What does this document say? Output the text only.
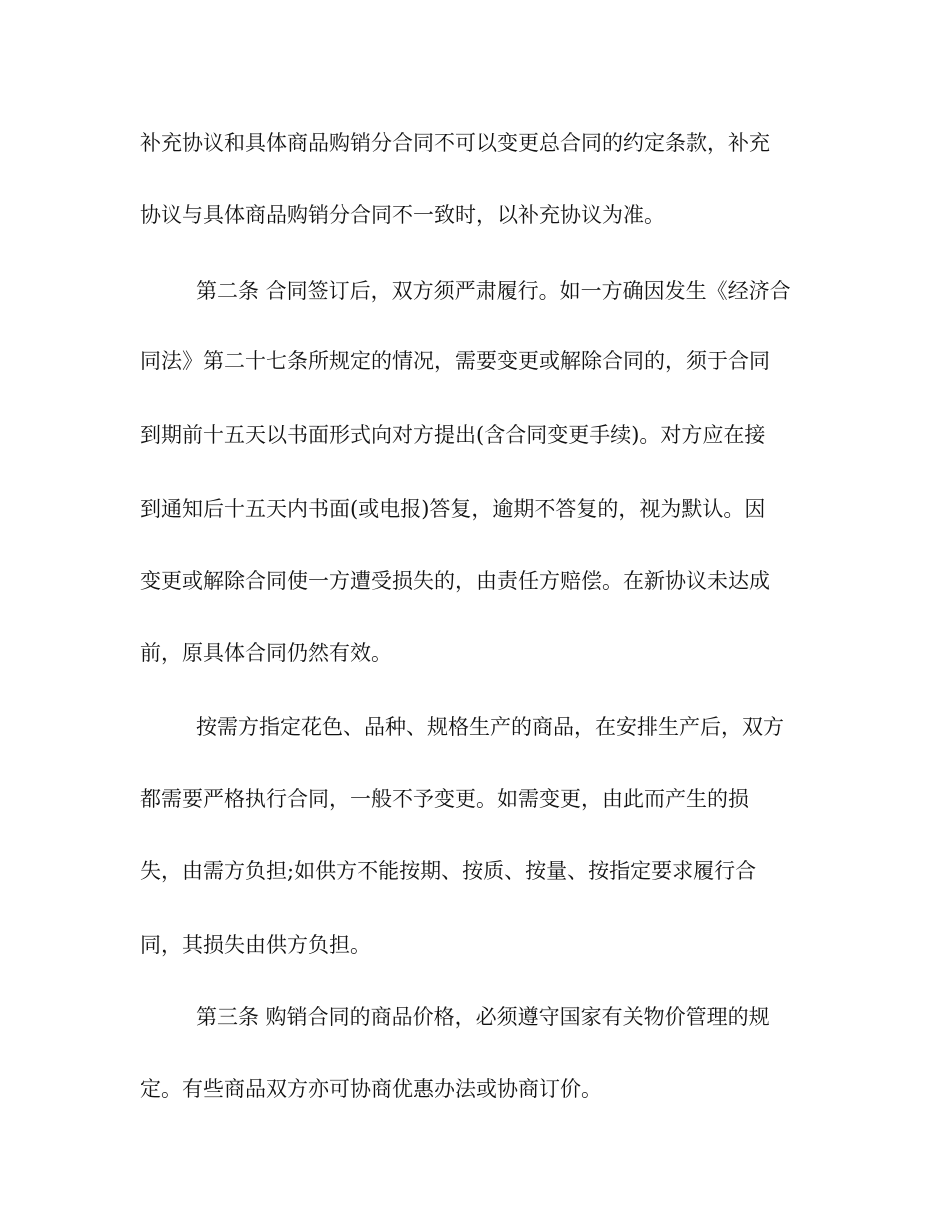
补充协议和具体商品购销分合同不可以变更总合同的约定条款，补充
协议与具体商品购销分合同不一致时，以补充协议为准。
第二条 合同签订后，双方须严肃履行。如一方确因发生《经济合
同法》第二十七条所规定的情况，需要变更或解除合同的，须于合同
到期前十五天以书面形式向对方提出(含合同变更手续)。对方应在接
到通知后十五天内书面(或电报)答复，逾期不答复的，视为默认。因
变更或解除合同使一方遭受损失的，由责任方赔偿。在新协议未达成
前，原具体合同仍然有效。
按需方指定花色、品种、规格生产的商品，在安排生产后，双方
都需要严格执行合同，一般不予变更。如需变更，由此而产生的损
失，由需方负担;如供方不能按期、按质、按量、按指定要求履行合
同，其损失由供方负担。
第三条 购销合同的商品价格，必须遵守国家有关物价管理的规
定。有些商品双方亦可协商优惠办法或协商订价。
